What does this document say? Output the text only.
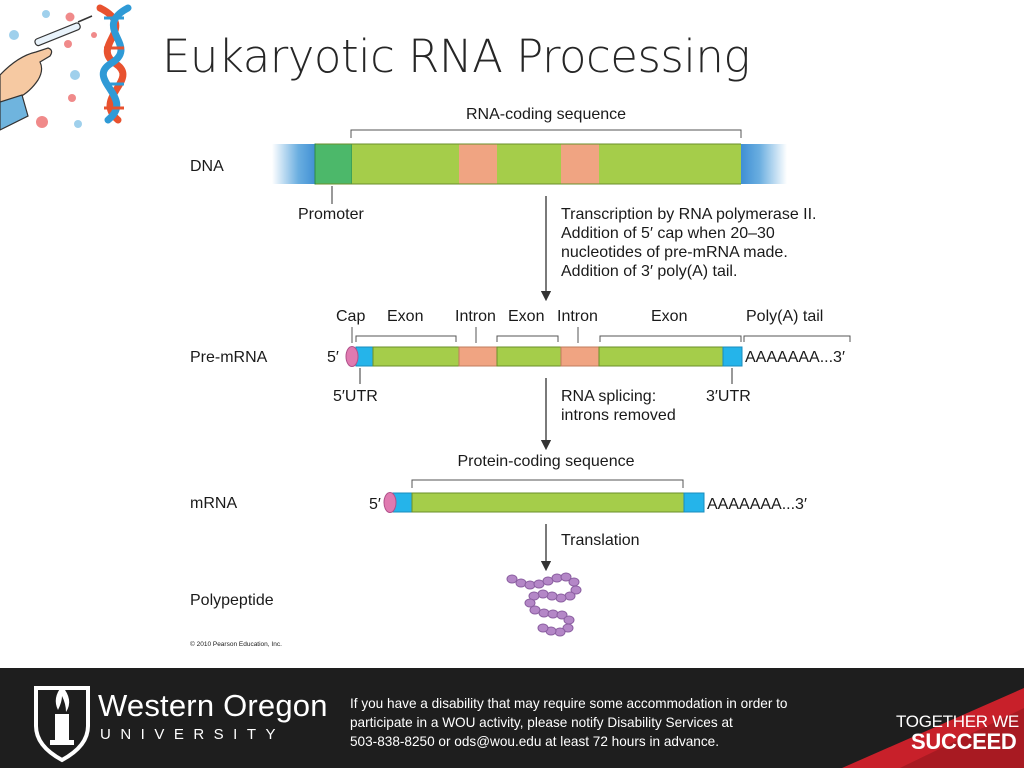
Eukaryotic RNA Processing
DNA
Pre-mRNA
mRNA
Polypeptide
RNA-coding sequence
Promoter	Transcription by RNA polymerase II.
Addition of 5′ cap when 20–30
nucleotides of pre-mRNA made.
Addition of 3′ poly(A) tail.
Cap Exon Intron Exon Intron	Exon	Poly(A) tail
5′	AAAAAAA...3′
5′UTR	3′UTR
RNA splicing:
introns removed
Protein-coding sequence
5′	AAAAAAA...3′
Translation
© 2010 Pearson Education, Inc.
Western Oregon
UNIVERSITY
If you have a disability that may require some accommodation in order to
participate in a WOU activity, please notify Disability Services at
503-838-8250 or ods@wou.edu at least 72 hours in advance.
TOGETHER WE
SUCCEED
